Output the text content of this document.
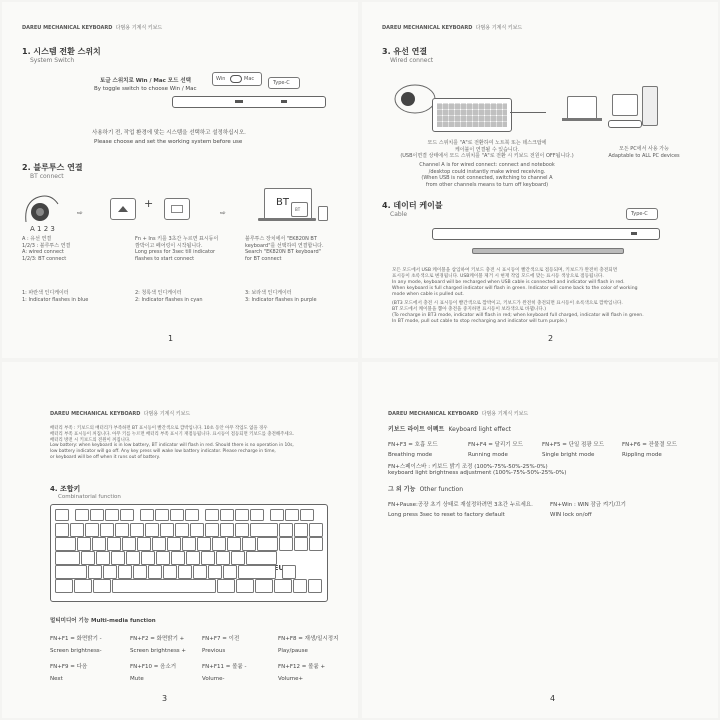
DAREU MECHANICAL KEYBOARD 다범용 기계식 키보드
1. 시스템 전환 스위치
System Switch
토글 스위치로 Win / Mac 모드 선택
By toggle switch to choose Win / Mac
Win	Mac
Type-C
사용하기 전, 작업 환경에 맞는 시스템을 선택하고 설정하십시오.
Please choose and set the working system before use
2. 블루투스 연결
BT connect
A 1 2 3
⇨
+
⇨
BT
BT
A : 유선 연결
1/2/3 : 블루투스 연결
A: wired connect
1/2/3: BT connect
Fn + Ins 키를 3초간 누르면 표시등이
깜박이고 페어링이 시작됩니다.
Long press for 3sec till indicator
flashes to start connect
블루투스 장치에서 "EK820N BT
keyboard"를 선택하여 연결합니다.
Search "EK820N BT keyboard"
for BT connect
1: 파란색 인디케이터
1: Indicator flashes in blue
2: 청록색 인디케이터
2: Indicator flashes in cyan
3: 보라색 인디케이터
3: Indicator flashes in purple
1
DAREU MECHANICAL KEYBOARD 다범용 기계식 키보드
3. 유선 연결
Wired connect
모드 스위치를 "A"로 전환하여 노트북 또는 데스크탑에
케이블이 연결될 수 있습니다.
(USB이면결 상태에서 모드 스위치를 "A"로 전환 시 키보드 전원이 OFF됩니다.)
Channel A is for wired connect: connect and notebook
/desktop could instantly make wired receiving.
(When USB is not connected, switching to channel A
from other channels means to turn off keyboard)
모든 PC에서 사용 가능
Adaptable to ALL PC devices
4. 데이터 케이블
Cable	Type-C
모든 모드에서 USB 케이블을 삽입하여 키보드 충전 시 표시등이 빨간색으로 점등되며, 키보드가 완전히 충전되면
표시등이 초록색으로 변경됩니다. USB케이블 제거 시 현재 작업 모드에 맞는 표시등 색상으로 점등됩니다.
In any mode, keyboard will be recharged when USB cable is connected and indicator will flash in red.
When keyboard is full charged indicator will flash in green. Indicator will come back to the color of working
mode when cable is pulled out.
(BT3 모드에서 충전 시 표시등이 빨간색으로 깜박이고, 키보드가 완전히 충전되면 표시등이 초록색으로 깜박입니다.
BT 모드에서 케이블을 뽑아 충전을 중지하면 표시등이 보라색으로 바뀝니다.)
(To recharge in BT3 mode, indicator will flash in red; when keyboard full charged, indicator will flash in green.
In BT mode, pull out cable to stop recharging and indicator will turn purple.)
2
DAREU MECHANICAL KEYBOARD 다범용 기계식 키보드
배터리 부족 : 키보드의 배터리가 부족하면 BT 표시등이 빨간색으로 깜박입니다. 10초 동안 아무 작업도 없을 경우
배터리 부족 표시등이 꺼집니다. 아무 키를 누르면 배터리 부족 표시기 재점등됩니다. 표시등이 점등되면 키보드를 충전해주세요.
배터리 방전 시 키보드의 전원이 꺼집니다.
Low battery: when keyboard is in low battery, BT indicator will flash in red. Should there is no operation in 10s,
low battery indicator will go off. Any key press will wake low battery indicator. Please recharge in time,
or keyboard will be off when it runs out of battery.
4. 조합키
Combinatorial function
멀티미디어 기능 Multi-media function
FN+F1 = 화면밝기 -
Screen brightness-
FN+F2 = 화면밝기 +
Screen brightness +
FN+F7 = 이전
Previous
FN+F8 = 재생/일시정지
Play/pause
FN+F9 = 다음
Next
FN+F10 = 음소거
Mute
FN+F11 = 볼륨 -
Volume-
FN+F12 = 볼륨 +
Volume+
3
DAREU MECHANICAL KEYBOARD 다범용 기계식 키보드
키보드 라이트 이펙트 Keyboard light effect
FN+F3 = 호흡 모드
Breathing mode
FN+F4 = 달리기 모드
Running mode
FN+F5 = 단일 점광 모드
Single bright mode
FN+F6 = 잔물결 모드
Rippling mode
FN+스페이스바 : 키보드 밝기 조정 (100%-75%-50%-25%-0%)
keyboard light brightness adjustment (100%-75%-50%-25%-0%)
그 외 기능 Other function
FN+Pause:공장 초기 상태로 재설정하려면 3초간 누르세요.
Long press 3sec to reset to factory default
FN+Win : WIN 잠금 켜기/끄기
WIN lock on/off
4
